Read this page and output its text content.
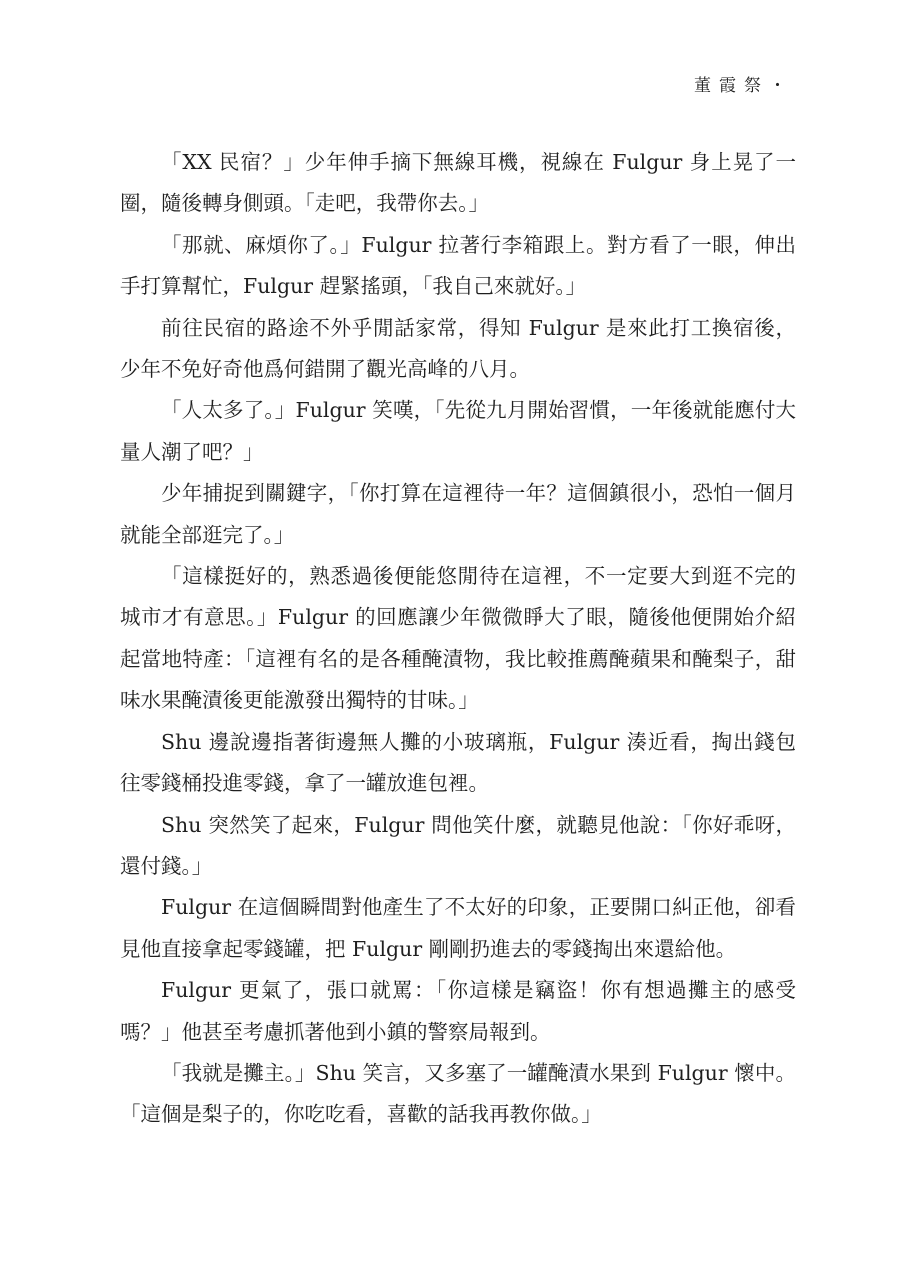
董霞祭・

「XX 民宿？」少年伸手摘下無線耳機，視線在 Fulgur 身上晃了一圈，隨後轉身側頭。「走吧，我帶你去。」

「那就、麻煩你了。」Fulgur 拉著行李箱跟上。對方看了一眼，伸出手打算幫忙，Fulgur 趕緊搖頭，「我自己來就好。」

前往民宿的路途不外乎閒話家常，得知 Fulgur 是來此打工換宿後，少年不免好奇他爲何錯開了觀光高峰的八月。

「人太多了。」Fulgur 笑嘆，「先從九月開始習慣，一年後就能應付大量人潮了吧？」

少年捕捉到關鍵字，「你打算在這裡待一年？這個鎮很小，恐怕一個月就能全部逛完了。」

「這樣挺好的，熟悉過後便能悠閒待在這裡，不一定要大到逛不完的城市才有意思。」Fulgur 的回應讓少年微微睜大了眼，隨後他便開始介紹起當地特產：「這裡有名的是各種醃漬物，我比較推薦醃蘋果和醃梨子，甜味水果醃漬後更能激發出獨特的甘味。」

Shu 邊說邊指著街邊無人攤的小玻璃瓶，Fulgur 湊近看，掏出錢包往零錢桶投進零錢，拿了一罐放進包裡。

Shu 突然笑了起來，Fulgur 問他笑什麼，就聽見他說：「你好乖呀，還付錢。」

Fulgur 在這個瞬間對他產生了不太好的印象，正要開口糾正他，卻看見他直接拿起零錢罐，把 Fulgur 剛剛扔進去的零錢掏出來還給他。

Fulgur 更氣了，張口就罵：「你這樣是竊盜！你有想過攤主的感受嗎？」他甚至考慮抓著他到小鎮的警察局報到。

「我就是攤主。」Shu 笑言，又多塞了一罐醃漬水果到 Fulgur 懷中。「這個是梨子的，你吃吃看，喜歡的話我再教你做。」
